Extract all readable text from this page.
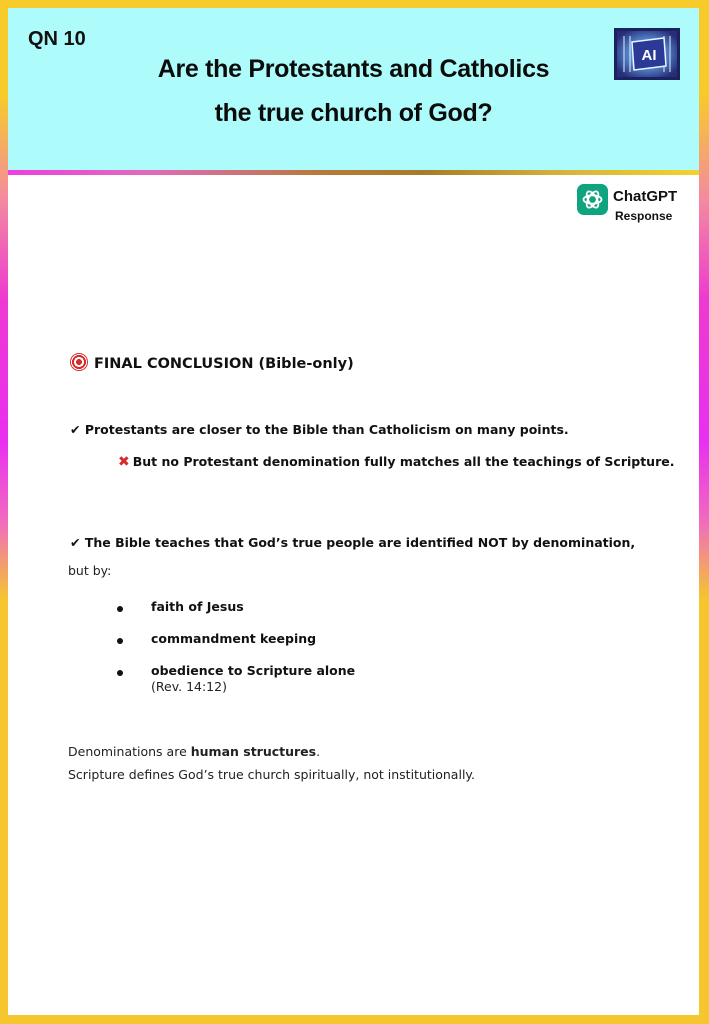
QN 10
Are the Protestants and Catholics
the true church of God?
AI
ChatGPT
Response
FINAL CONCLUSION (Bible-only)
✔ Protestants are closer to the Bible than Catholicism on many points.
✖ But no Protestant denomination fully matches all the teachings of Scripture.
✔ The Bible teaches that God’s true people are identified NOT by denomination,
but by:
faith of Jesus
commandment keeping
obedience to Scripture alone
(Rev. 14:12)
Denominations are human structures.
Scripture defines God’s true church spiritually, not institutionally.
